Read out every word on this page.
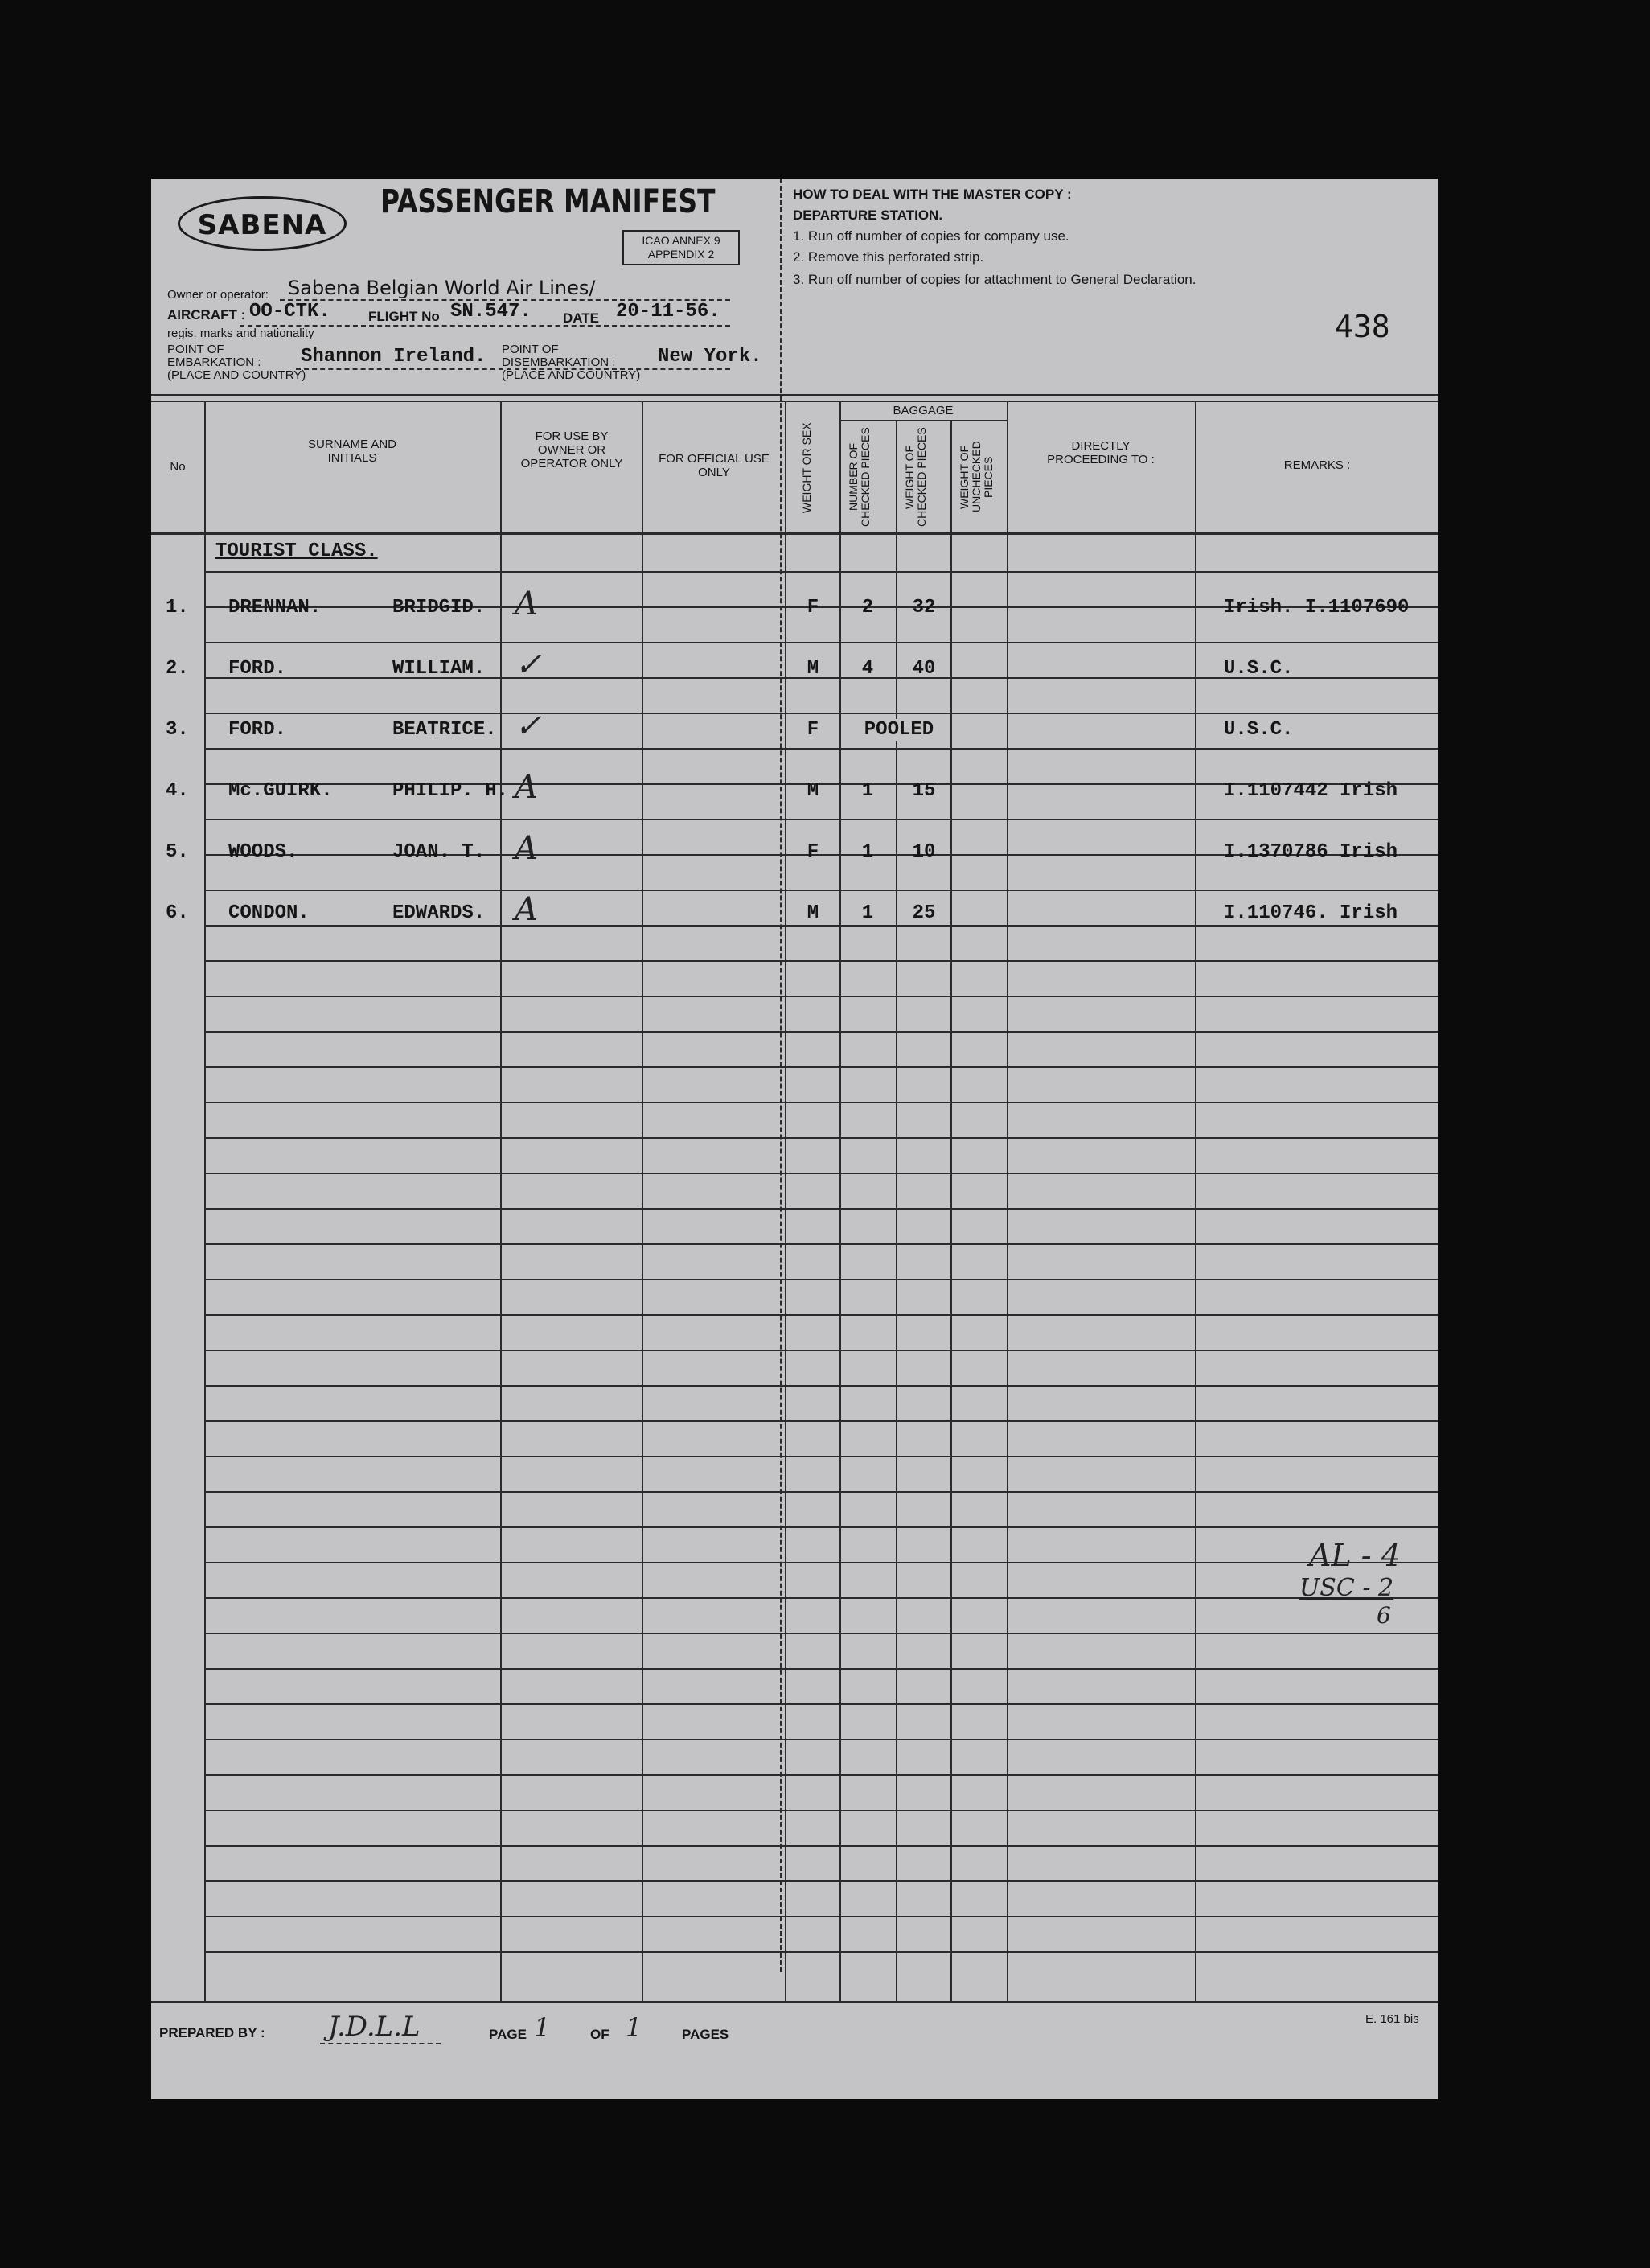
SABENA
PASSENGER MANIFEST
ICAO ANNEX 9
APPENDIX 2
Owner or operator: Sabena Belgian World Air Lines/
AIRCRAFT : OO-CTK.	FLIGHT No SN.547. DATE 20-11-56.
regis. marks and nationality
POINT OF
EMBARKATION :
(PLACE AND COUNTRY)
Shannon Ireland. POINT OF
DISEMBARKATION :
(PLACE AND COUNTRY)
New York.
HOW TO DEAL WITH THE MASTER COPY :
DEPARTURE STATION.
1. Run off number of copies for company use.
2. Remove this perforated strip.
3. Run off number of copies for attachment to General Declaration.
438
No
SURNAME AND INITIALS
FOR USE BY OWNER OR OPERATOR ONLY	FOR OFFICIAL USE ONLY	WEIGHT OR SEX
BAGGAGE
NUMBER OF CHECKED PIECES	WEIGHT OF CHECKED PIECES	WEIGHT OF UNCHECKED PIECES
DIRECTLY PROCEEDING TO :	REMARKS :
TOURIST CLASS.
1. DRENNAN.	BRIDGID. A	F	2	32	Irish. I.1107690
2. FORD.	WILLIAM. ✓	M	4	40	U.S.C.
3. FORD.	BEATRICE. ✓	F	POOLED	U.S.C.
4. Mc.GUIRK.	PHILIP. H. A	M	1	15	I.1107442 Irish
5. WOODS.	JOAN. T. A	F	1	10	I.1370786 Irish
6. CONDON.	EDWARDS. A	M	1	25	I.110746. Irish
AL - 4
USC - 2
6
PREPARED BY : J.D.L.L	PAGE 1	OF 1	PAGES
E. 161 bis
